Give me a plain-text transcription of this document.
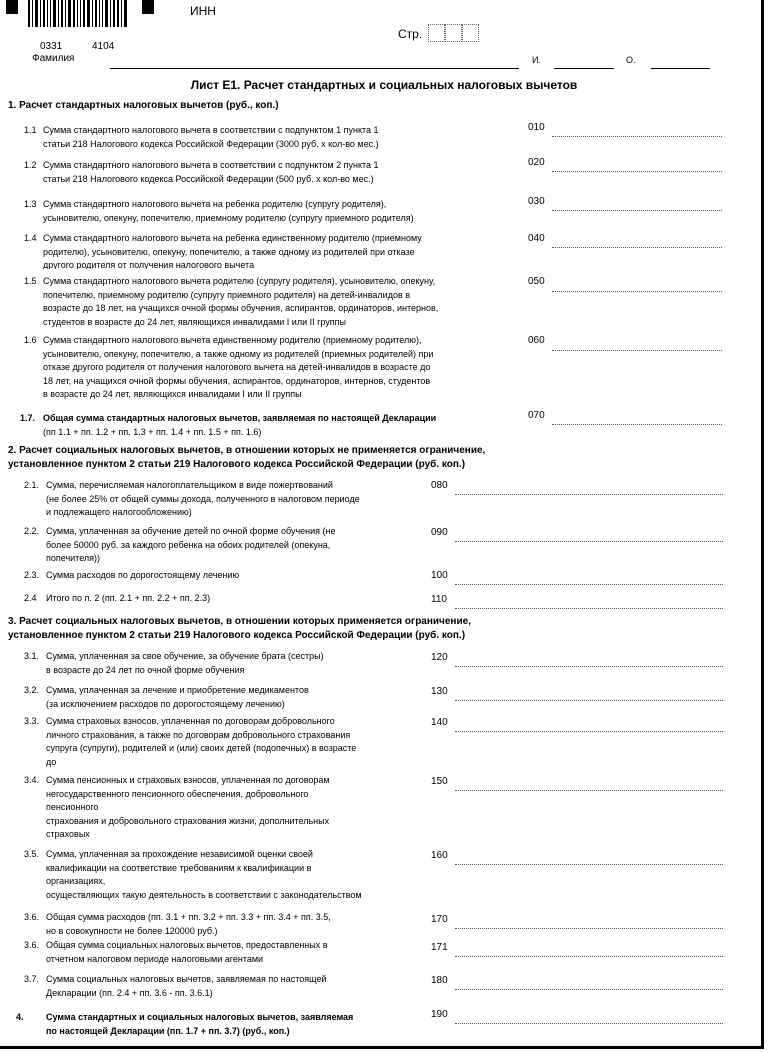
0331	4104
ИНН
Стр.
Фамилия	И.	О.
Лист Е1. Расчет стандартных и социальных налоговых вычетов
1. Расчет стандартных налоговых вычетов (руб., коп.)
1.1 Сумма стандартного налогового вычета в соответствии с подпунктом 1 пункта 1
статьи 218 Налогового кодекса Российской Федерации (3000 руб. x кол-во мес.)
010
1.2 Сумма стандартного налогового вычета в соответствии с подпунктом 2 пункта 1
статьи 218 Налогового кодекса Российской Федерации (500 руб. x кол-во мес.)
020
1.3 Сумма стандартного налогового вычета на ребенка родителю (супругу родителя),
усыновителю, опекуну, попечителю, приемному родителю (супругу приемного родителя)
030
1.4 Сумма стандартного налогового вычета на ребенка единственному родителю (приемному
родителю), усыновителю, опекуну, попечителю, а также одному из родителей при отказе
другого родителя от получения налогового вычета
040
1.5 Сумма стандартного налогового вычета родителю (супругу родителя), усыновителю, опекуну,
попечителю, приемному родителю (супругу приемного родителя) на детей-инвалидов в
возрасте до 18 лет, на учащихся очной формы обучения, аспирантов, ординаторов, интернов,
студентов в возрасте до 24 лет, являющихся инвалидами I или II группы
050
1.6 Сумма стандартного налогового вычета единственному родителю (приемному родителю),
усыновителю, опекуну, попечителю, а также одному из родителей (приемных родителей) при
отказе другого родителя от получения налогового вычета на детей-инвалидов в возрасте до
18 лет, на учащихся очной формы обучения, аспирантов, ординаторов, интернов, студентов
в возрасте до 24 лет, являющихся инвалидами I или II группы
060
1.7. Общая сумма стандартных налоговых вычетов, заявляемая по настоящей Декларации
(пп 1.1 + пп. 1.2 + пп. 1.3 + пп. 1.4 + пп. 1.5 + пп. 1.6)
070
2. Расчет социальных налоговых вычетов, в отношении которых не применяется ограничение,
установленное пунктом 2 статьи 219 Налогового кодекса Российской Федерации (руб. коп.)
2.1. Сумма, перечисляемая налогоплательщиком в виде пожертвований
(не более 25% от общей суммы дохода, полученного в налоговом периоде
и подлежащего налогообложению)
080
2.2. Сумма, уплаченная за обучение детей по очной форме обучения (не
более 50000 руб. за каждого ребенка на обоих родителей (опекуна,
попечителя))
090
2.3. Сумма расходов по дорогостоящему лечению	100
2.4 Итого по п. 2 (пп. 2.1 + пп. 2.2 + пп. 2.3)	110
3. Расчет социальных налоговых вычетов, в отношении которых применяется ограничение,
установленное пунктом 2 статьи 219 Налогового кодекса Российской Федерации (руб. коп.)
3.1. Сумма, уплаченная за свое обучение, за обучение брата (сестры)
в возрасте до 24 лет по очной форме обучения
120
3.2. Сумма, уплаченная за лечение и приобретение медикаментов
(за исключением расходов по дорогостоящему лечению)
130
3.3. Сумма страховых взносов, уплаченная по договорам добровольного
личного страхования, а также по договорам добровольного страхования
супруга (супруги), родителей и (или) своих детей (подопечных) в возрасте
до
140
3.4. Сумма пенсионных и страховых взносов, уплаченная по договорам
негосударственного пенсионного обеспечения, добровольного
пенсионного
страхования и добровольного страхования жизни, дополнительных
страховых
150
3.5. Сумма, уплаченная за прохождение независимой оценки своей
квалификации на соответствие требованиям к квалификации в
организациях,
осуществляющих такую деятельность в соответствии с законодательством
160
3.6. Общая сумма расходов (пп. 3.1 + пп. 3.2 + пп. 3.3 + пп. 3.4 + пп. 3.5,
но в совокупности не более 120000 руб.)
170
3.6. Общая сумма социальных налоговых вычетов, предоставленных в
отчетном налоговом периоде налоговыми агентами
171
3.7. Сумма социальных налоговых вычетов, заявляемая по настоящей
Декларации (пп. 2.4 + пп. 3.6 - пп. 3.6.1)
180
4. Сумма стандартных и социальных налоговых вычетов, заявляемая
по настоящей Декларации (пп. 1.7 + пп. 3.7) (руб., коп.)
190
